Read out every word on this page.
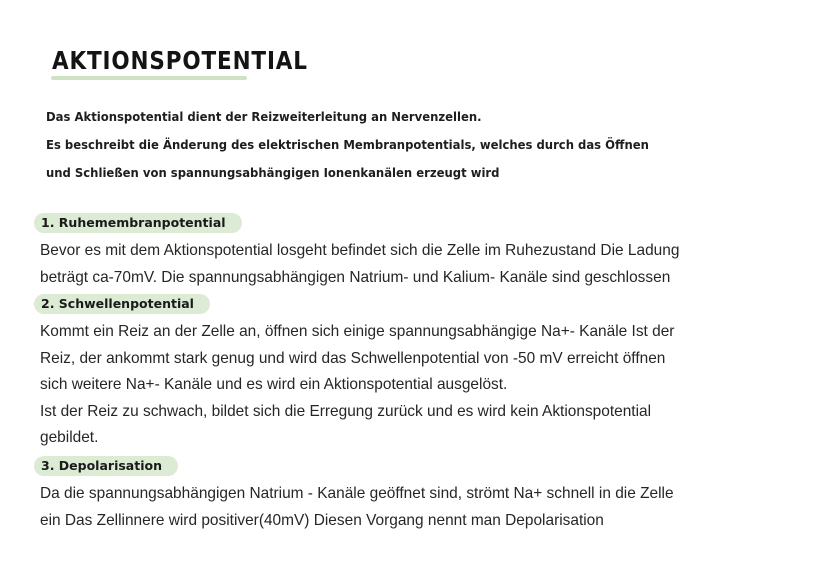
AKTIONSPOTENTIAL
Das Aktionspotential dient der Reizweiterleitung an Nervenzellen.
Es beschreibt die Änderung des elektrischen Membranpotentials, welches durch das Öffnen
und Schließen von spannungsabhängigen Ionenkanälen erzeugt wird
1. Ruhemembranpotential
Bevor es mit dem Aktionspotential losgeht befindet sich die Zelle im Ruhezustand Die Ladung
beträgt ca-70mV. Die spannungsabhängigen Natrium- und Kalium- Kanäle sind geschlossen
2. Schwellenpotential
Kommt ein Reiz an der Zelle an, öffnen sich einige spannungsabhängige Na+- Kanäle Ist der
Reiz, der ankommt stark genug und wird das Schwellenpotential von -50 mV erreicht öffnen
sich weitere Na+- Kanäle und es wird ein Aktionspotential ausgelöst.
Ist der Reiz zu schwach, bildet sich die Erregung zurück und es wird kein Aktionspotential
gebildet.
3. Depolarisation
Da die spannungsabhängigen Natrium - Kanäle geöffnet sind, strömt Na+ schnell in die Zelle
ein Das Zellinnere wird positiver(40mV) Diesen Vorgang nennt man Depolarisation
